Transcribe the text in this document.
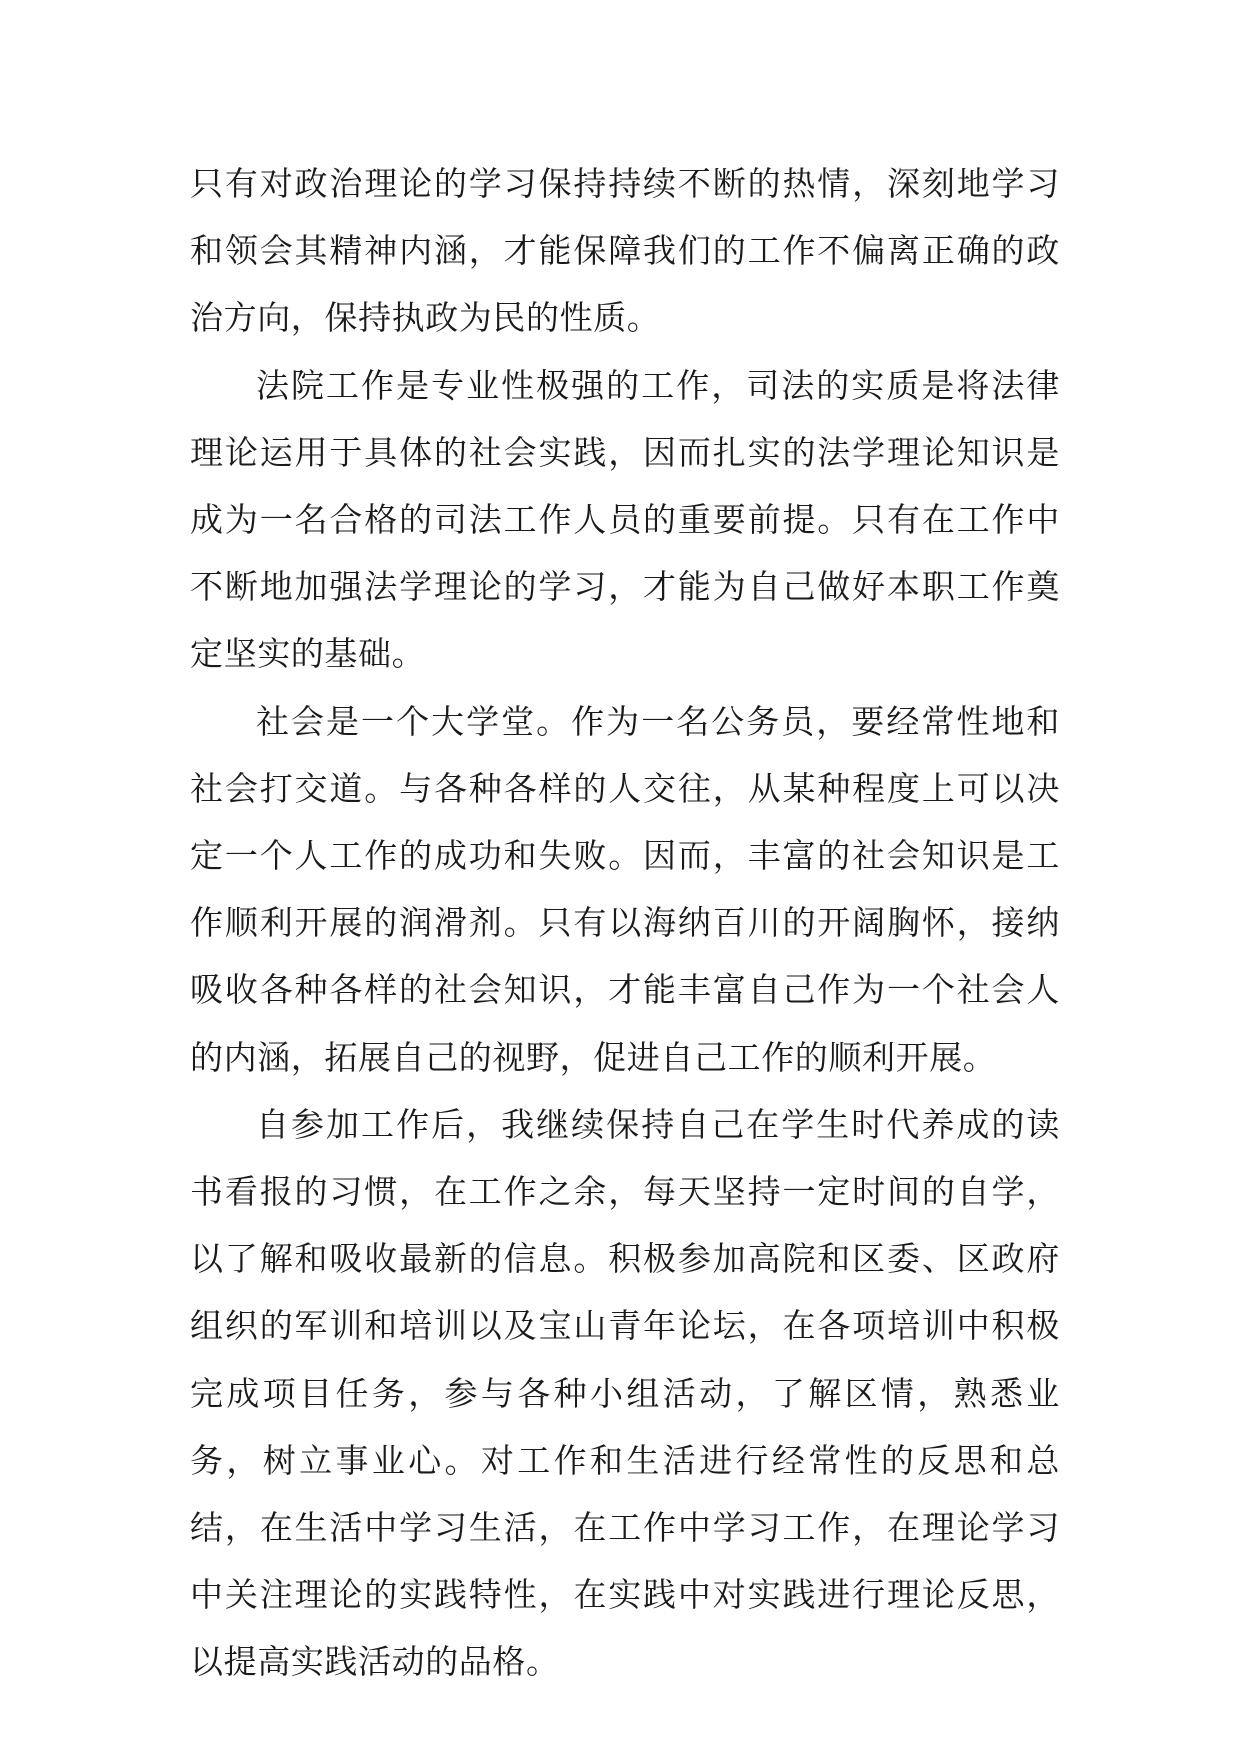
只有对政治理论的学习保持持续不断的热情，深刻地学习和领会其精神内涵，才能保障我们的工作不偏离正确的政治方向，保持执政为民的性质。

法院工作是专业性极强的工作，司法的实质是将法律理论运用于具体的社会实践，因而扎实的法学理论知识是成为一名合格的司法工作人员的重要前提。只有在工作中不断地加强法学理论的学习，才能为自己做好本职工作奠定坚实的基础。

社会是一个大学堂。作为一名公务员，要经常性地和社会打交道。与各种各样的人交往，从某种程度上可以决定一个人工作的成功和失败。因而，丰富的社会知识是工作顺利开展的润滑剂。只有以海纳百川的开阔胸怀，接纳吸收各种各样的社会知识，才能丰富自己作为一个社会人的内涵，拓展自己的视野，促进自己工作的顺利开展。

自参加工作后，我继续保持自己在学生时代养成的读书看报的习惯，在工作之余，每天坚持一定时间的自学，以了解和吸收最新的信息。积极参加高院和区委、区政府组织的军训和培训以及宝山青年论坛，在各项培训中积极完成项目任务，参与各种小组活动，了解区情，熟悉业务，树立事业心。对工作和生活进行经常性的反思和总结，在生活中学习生活，在工作中学习工作，在理论学习中关注理论的实践特性，在实践中对实践进行理论反思，以提高实践活动的品格。
